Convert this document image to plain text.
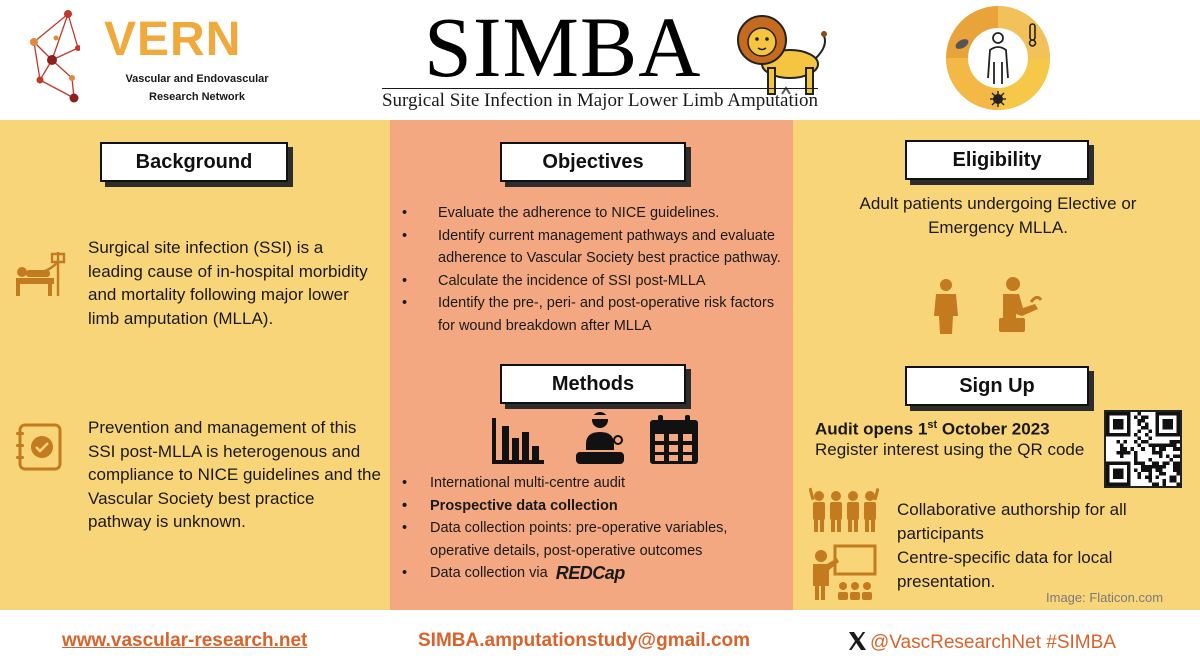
VERN
Vascular and Endovascular Research Network
SIMBA
Surgical Site Infection in Major Lower Limb Amputation
Background
Surgical site infection (SSI) is a leading cause of in-hospital morbidity and mortality following major lower limb amputation (MLLA).
Prevention and management of this SSI post-MLLA is heterogenous and compliance to NICE guidelines and the Vascular Society best practice pathway is unknown.
Objectives
• Evaluate the adherence to NICE guidelines.
• Identify current management pathways and evaluate adherence to Vascular Society best practice pathway.
• Calculate the incidence of SSI post-MLLA
• Identify the pre-, peri- and post-operative risk factors for wound breakdown after MLLA
Methods
• International multi-centre audit
• Prospective data collection
• Data collection points: pre-operative variables, operative details, post-operative outcomes
• Data collection via REDCap
Eligibility
Adult patients undergoing Elective or Emergency MLLA.
Sign Up
Audit opens 1st October 2023
Register interest using the QR code
Collaborative authorship for all participants
Centre-specific data for local presentation.
Image: Flaticon.com
www.vascular-research.net	SIMBA.amputationstudy@gmail.com	@VascResearchNet #SIMBA
